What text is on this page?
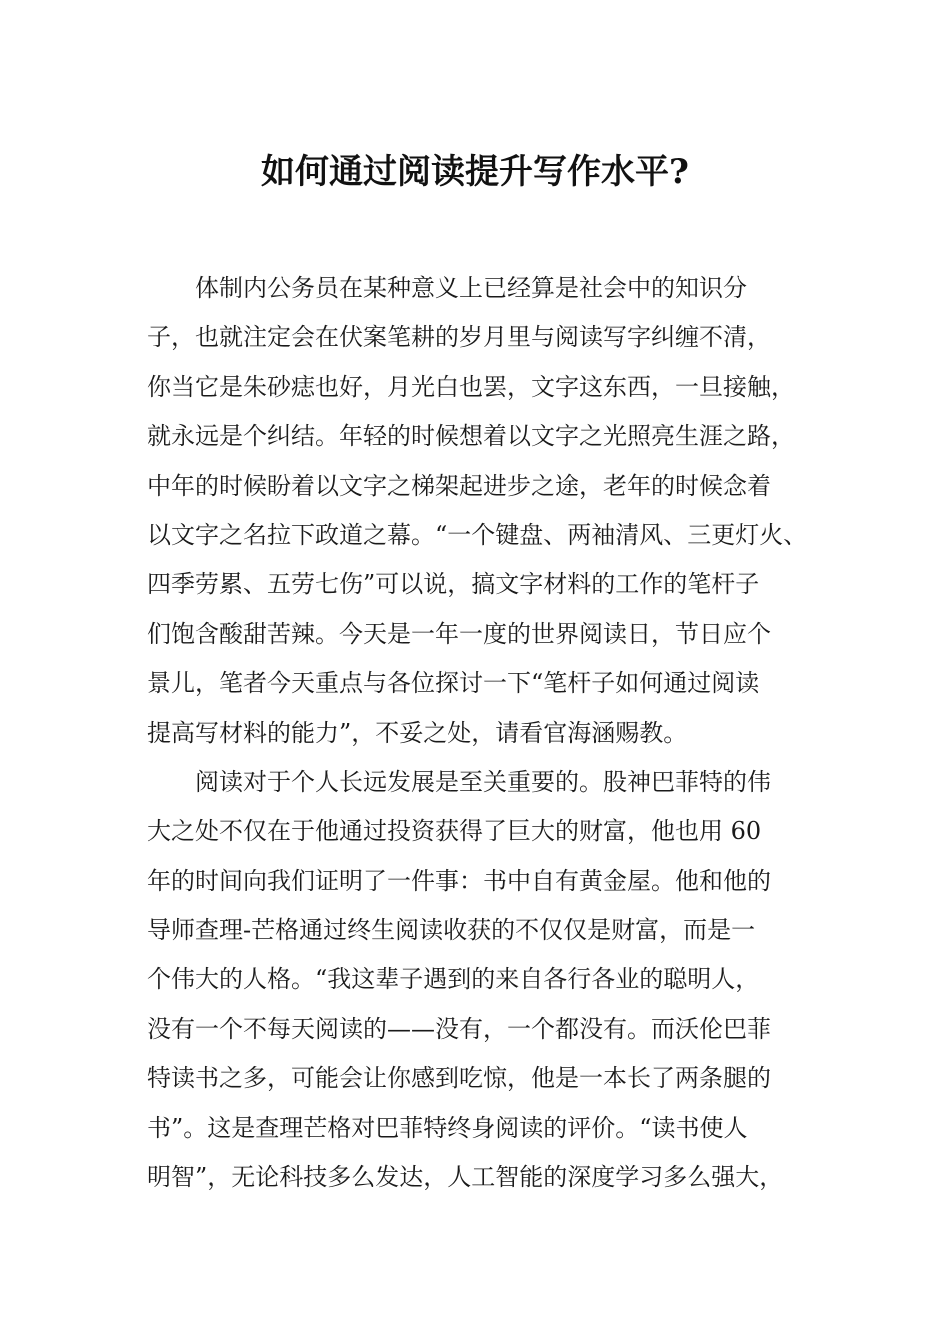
如何通过阅读提升写作水平?
体制内公务员在某种意义上已经算是社会中的知识分
子，也就注定会在伏案笔耕的岁月里与阅读写字纠缠不清，
你当它是朱砂痣也好，月光白也罢，文字这东西，一旦接触，
就永远是个纠结。年轻的时候想着以文字之光照亮生涯之路，
中年的时候盼着以文字之梯架起进步之途，老年的时候念着
以文字之名拉下政道之幕。“一个键盘、两袖清风、三更灯火、
四季劳累、五劳七伤”可以说，搞文字材料的工作的笔杆子
们饱含酸甜苦辣。今天是一年一度的世界阅读日，节日应个
景儿，笔者今天重点与各位探讨一下“笔杆子如何通过阅读
提高写材料的能力”，不妥之处，请看官海涵赐教。
阅读对于个人长远发展是至关重要的。股神巴菲特的伟
大之处不仅在于他通过投资获得了巨大的财富，他也用 60
年的时间向我们证明了一件事：书中自有黄金屋。他和他的
导师查理-芒格通过终生阅读收获的不仅仅是财富，而是一
个伟大的人格。“我这辈子遇到的来自各行各业的聪明人，
没有一个不每天阅读的——没有，一个都没有。而沃伦巴菲
特读书之多，可能会让你感到吃惊，他是一本长了两条腿的
书”。这是查理芒格对巴菲特终身阅读的评价。“读书使人
明智”，无论科技多么发达，人工智能的深度学习多么强大，
